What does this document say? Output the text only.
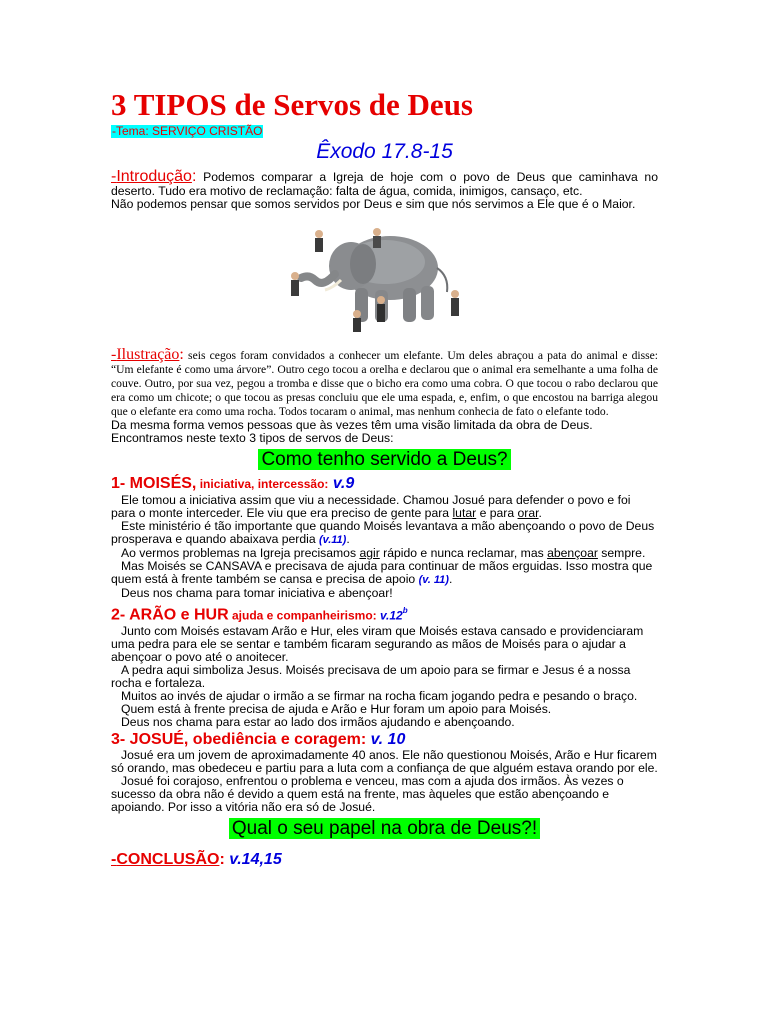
3 TIPOS de Servos de Deus
-Tema: SERVIÇO CRISTÃO
Êxodo 17.8-15

-Introdução: Podemos comparar a Igreja de hoje com o povo de Deus que caminhava no deserto. Tudo era motivo de reclamação: falta de água, comida, inimigos, cansaço, etc.

Não podemos pensar que somos servidos por Deus e sim que nós servimos a Ele que é o Maior.

-Ilustração: seis cegos foram convidados a conhecer um elefante. Um deles abraçou a pata do animal e disse: “Um elefante é como uma árvore”. Outro cego tocou a orelha e declarou que o animal era semelhante a uma folha de couve. Outro, por sua vez, pegou a tromba e disse que o bicho era como uma cobra. O que tocou o rabo declarou que era como um chicote; o que tocou as presas concluiu que ele uma espada, e, enfim, o que encostou na barriga alegou que o elefante era como uma rocha. Todos tocaram o animal, mas nenhum conhecia de fato o elefante todo.

Da mesma forma vemos pessoas que às vezes têm uma visão limitada da obra de Deus.

Encontramos neste texto 3 tipos de servos de Deus:

Como tenho servido a Deus?
1- MOISÉS, iniciativa, intercessão: v.9

Ele tomou a iniciativa assim que viu a necessidade. Chamou Josué para defender o povo e foi para o monte interceder. Ele viu que era preciso de gente para lutar e para orar.

Este ministério é tão importante que quando Moisés levantava a mão abençoando o povo de Deus prosperava e quando abaixava perdia (v.11).

Ao vermos problemas na Igreja precisamos agir rápido e nunca reclamar, mas abençoar sempre.

Mas Moisés se CANSAVA e precisava de ajuda para continuar de mãos erguidas. Isso mostra que quem está à frente também se cansa e precisa de apoio (v. 11).

Deus nos chama para tomar iniciativa e abençoar!

2- ARÃO e HUR ajuda e companheirismo: v.12$^b$

Junto com Moisés estavam Arão e Hur, eles viram que Moisés estava cansado e providenciaram uma pedra para ele se sentar e também ficaram segurando as mãos de Moisés para o ajudar a abençoar o povo até o anoitecer.

A pedra aqui simboliza Jesus. Moisés precisava de um apoio para se firmar e Jesus é a nossa rocha e fortaleza.

Muitos ao invés de ajudar o irmão a se firmar na rocha ficam jogando pedra e pesando o braço.

Quem está à frente precisa de ajuda e Arão e Hur foram um apoio para Moisés.

Deus nos chama para estar ao lado dos irmãos ajudando e abençoando.

3- JOSUÉ, obediência e coragem: v. 10

Josué era um jovem de aproximadamente 40 anos. Ele não questionou Moisés, Arão e Hur ficarem só orando, mas obedeceu e partiu para a luta com a confiança de que alguém estava orando por ele.

Josué foi corajoso, enfrentou o problema e venceu, mas com a ajuda dos irmãos. Às vezes o sucesso da obra não é devido a quem está na frente, mas àqueles que estão abençoando e apoiando. Por isso a vitória não era só de Josué.

Qual o seu papel na obra de Deus?!
-CONCLUSÃO: v.14,15
